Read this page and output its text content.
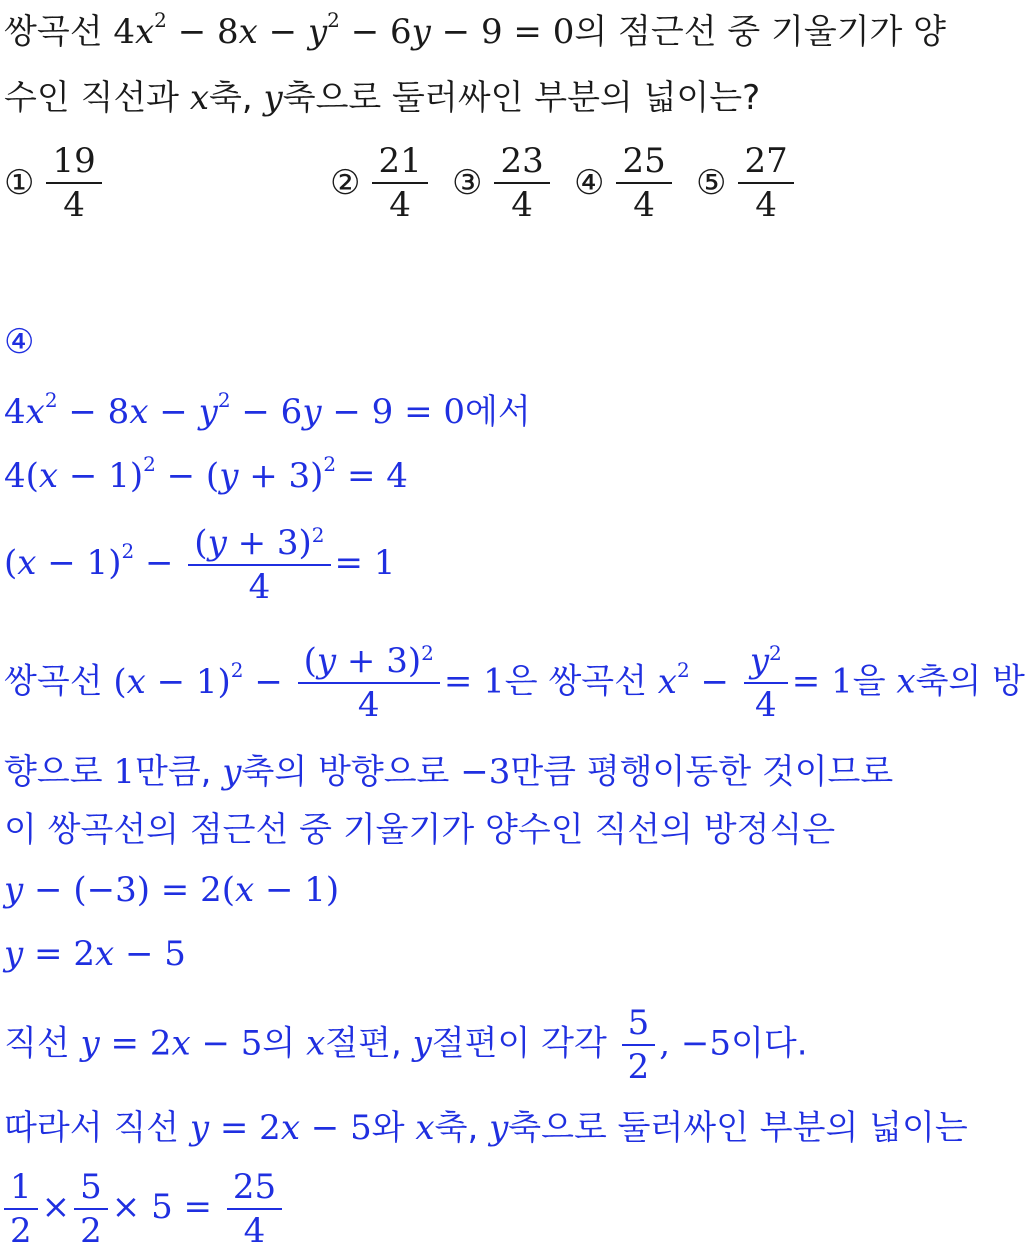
쌍곡선 $4x^2 - 8x - y^2 - 6y - 9 = 0$의 점근선 중 기울기가 양
수인 직선과 x축, y축으로 둘러싸인 부분의 넓이는?
① $\frac{19}{4}$	② $\frac{21}{4}$ ③ $\frac{23}{4}$ ④ $\frac{25}{4}$ ⑤ $\frac{27}{4}$
④
$4x^2 - 8x - y^2 - 6y - 9 = 0$에서
$4(x - 1)^2 - (y + 3)^2 = 4$
$(x - 1)^2 - \frac{(y + 3)^2}{4} = 1$
쌍곡선 $(x - 1)^2 - \frac{(y + 3)^2}{4} = 1$은 쌍곡선 $x^2 - \frac{y^2}{4} = 1$을 x축의 방
향으로 1만큼, y축의 방향으로 −3만큼 평행이동한 것이므로
이 쌍곡선의 점근선 중 기울기가 양수인 직선의 방정식은
y − (−3) = 2(x − 1)
y = 2x − 5
직선 y = 2x − 5의 x절편, y절편이 각각 $\frac{5}{2}$ , −5이다.
따라서 직선 y = 2x − 5와 x축, y축으로 둘러싸인 부분의 넓이는
$\frac{1}{2} \times \frac{5}{2} \times 5 = \frac{25}{4}$
